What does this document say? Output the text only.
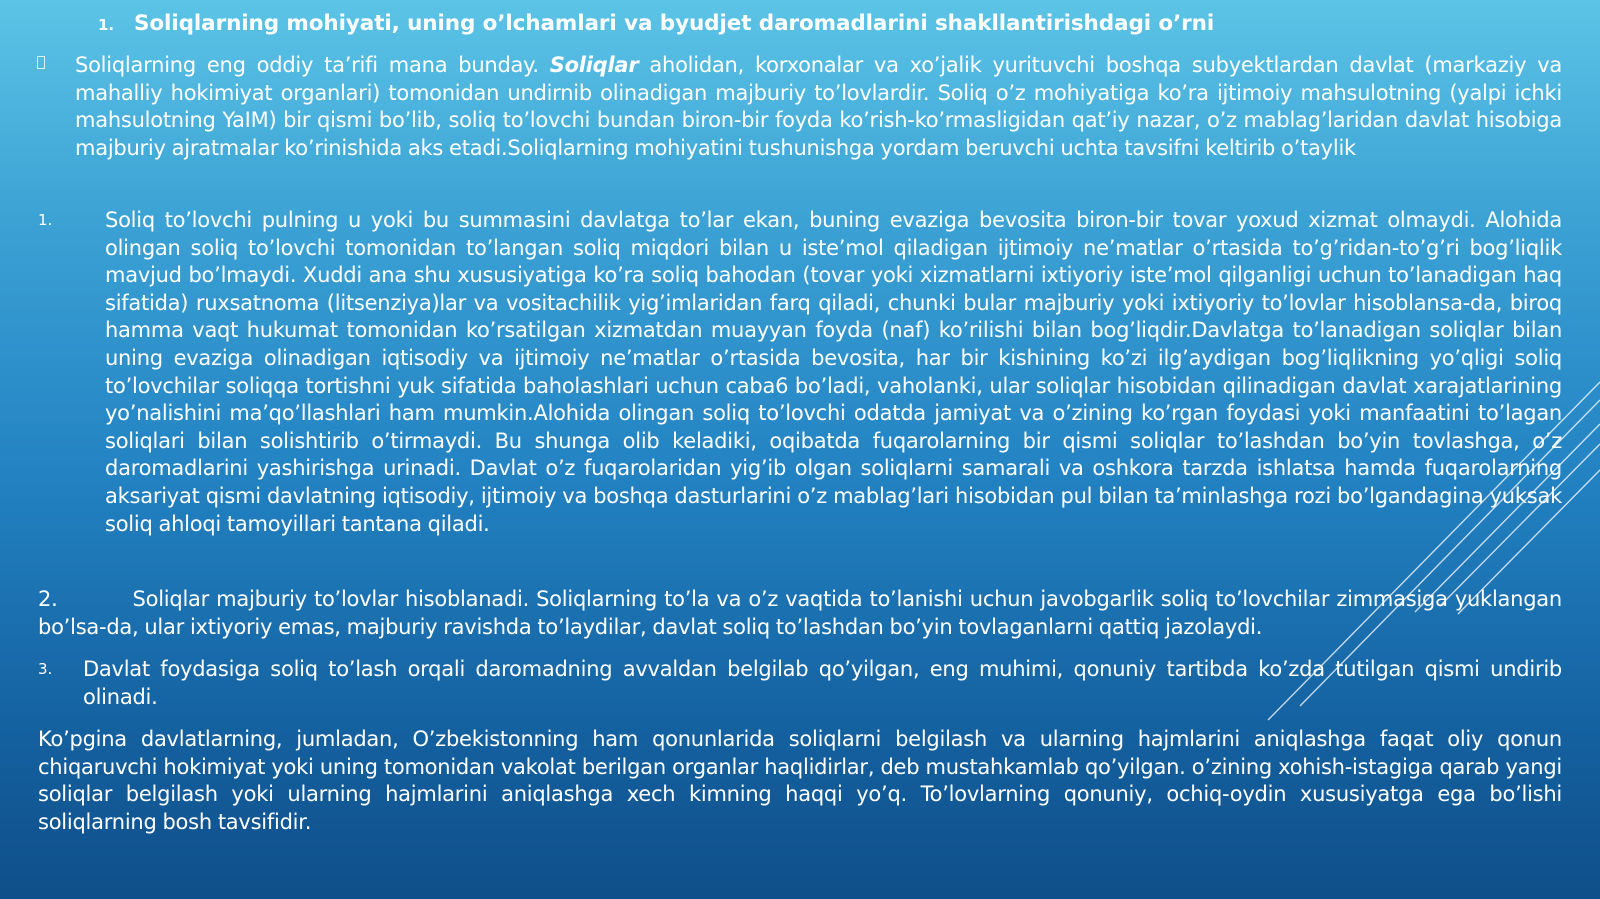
1. Soliqlarning mohiyati, uning o’lchamlari va byudjet daromadlarini shakllantirishdagi o’rni
Soliqlarning eng oddiy ta’rifi mana bunday. Soliqlar aholidan, korxonalar va xo’jalik yurituvchi boshqa subyektlardan davlat (markaziy va mahalliy hokimiyat organlari) tomonidan undirnib olinadigan majburiy to’lovlardir. Soliq o’z mohiyatiga ko’ra ijtimoiy mahsulotning (yalpi ichki mahsulotning YaIM) bir qismi bo’lib, soliq to’lovchi bundan biron-bir foyda ko’rish-ko’rmasligidan qat’iy nazar, o’z mablag’laridan davlat hisobiga majburiy ajratmalar ko’rinishida aks etadi.Soliqlarning mohiyatini tushunishga yordam beruvchi uchta tavsifni keltirib o’taylik
1.	Soliq to’lovchi pulning u yoki bu summasini davlatga to’lar ekan, buning evaziga bevosita biron-bir tovar yoxud xizmat olmaydi. Alohida olingan soliq to’lovchi tomonidan to’langan soliq miqdori bilan u iste’mol qiladigan ijtimoiy ne’matlar o’rtasida to’g’ridan-to’g’ri bog’liqlik mavjud bo’lmaydi. Xuddi ana shu xususiyatiga ko’ra soliq bahodan (tovar yoki xizmatlarni ixtiyoriy iste’mol qilganligi uchun to’lanadigan haq sifatida) ruxsatnoma (litsenziya)lar va vositachilik yig’imlaridan farq qiladi, chunki bular majburiy yoki ixtiyoriy to’lovlar hisoblansa-da, biroq hamma vaqt hukumat tomonidan ko’rsatilgan xizmatdan muayyan foyda (naf) ko’rilishi bilan bog’liqdir.Davlatga to’lanadigan soliqlar bilan uning evaziga olinadigan iqtisodiy va ijtimoiy ne’matlar o’rtasida bevosita, har bir kishining ko’zi ilg’aydigan bog’liqlikning yo’qligi soliq to’lovchilar soliqqa tortishni yuk sifatida baholashlari uchun caba6 bo’ladi, vaholanki, ular soliqlar hisobidan qilinadigan davlat xarajatlarining yo’nalishini ma’qo’llashlari ham mumkin.Alohida olingan soliq to’lovchi odatda jamiyat va o’zining ko’rgan foydasi yoki manfaatini to’lagan soliqlari bilan solishtirib o’tirmaydi. Bu shunga olib keladiki, oqibatda fuqarolarning bir qismi soliqlar to’lashdan bo’yin tovlashga, o’z daromadlarini yashirishga urinadi. Davlat o’z fuqarolaridan yig’ib olgan soliqlarni samarali va oshkora tarzda ishlatsa hamda fuqarolarning aksariyat qismi davlatning iqtisodiy, ijtimoiy va boshqa dasturlarini o’z mablag’lari hisobidan pul bilan ta’minlashga rozi bo’lgandagina yuksak soliq ahloqi tamoyillari tantana qiladi.
2.	Soliqlar majburiy to’lovlar hisoblanadi. Soliqlarning to’la va o’z vaqtida to’lanishi uchun javobgarlik soliq to’lovchilar zimmasiga yuklangan bo’lsa-da, ular ixtiyoriy emas, majburiy ravishda to’laydilar, davlat soliq to’lashdan bo’yin tovlaganlarni qattiq jazolaydi.
3. Davlat foydasiga soliq to’lash orqali daromadning avvaldan belgilab qo’yilgan, eng muhimi, qonuniy tartibda ko’zda tutilgan qismi undirib olinadi.
Ko’pgina davlatlarning, jumladan, O’zbekistonning ham qonunlarida soliqlarni belgilash va ularning hajmlarini aniqlashga faqat oliy qonun chiqaruvchi hokimiyat yoki uning tomonidan vakolat berilgan organlar haqlidirlar, deb mustahkamlab qo’yilgan. o’zining xohish-istagiga qarab yangi soliqlar belgilash yoki ularning hajmlarini aniqlashga xech kimning haqqi yo’q. To’lovlarning qonuniy, ochiq-oydin xususiyatga ega bo’lishi soliqlarning bosh tavsifidir.
